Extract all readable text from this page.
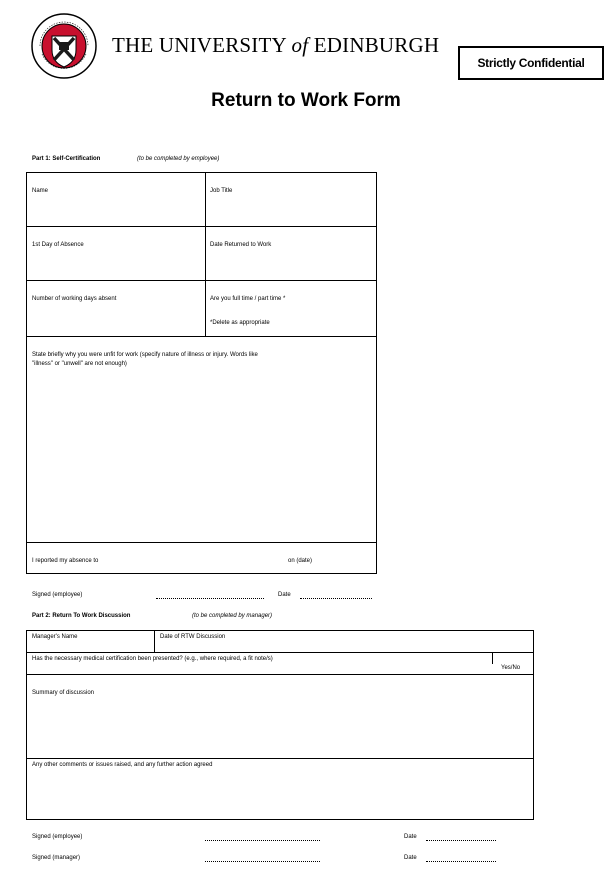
THE UNIVERSITY of EDINBURGH
Strictly Confidential
Return to Work Form
Part 1: Self-Certification	(to be completed by employee)
Name	Job Title
1st Day of Absence	Date Returned to Work
Number of working days absent	Are you full time / part time *
*Delete as appropriate
State briefly why you were unfit for work (specify nature of illness or injury. Words like
"illness" or "unwell" are not enough)
I reported my absence to	on (date)
Signed (employee)	Date
Part 2: Return To Work Discussion	(to be completed by manager)
Manager's Name	Date of RTW Discussion
Has the necessary medical certification been presented? (e.g., where required, a fit note/s)
Yes/No
Summary of discussion
Any other comments or issues raised, and any further action agreed
Signed (employee)	Date
Signed (manager)	Date
